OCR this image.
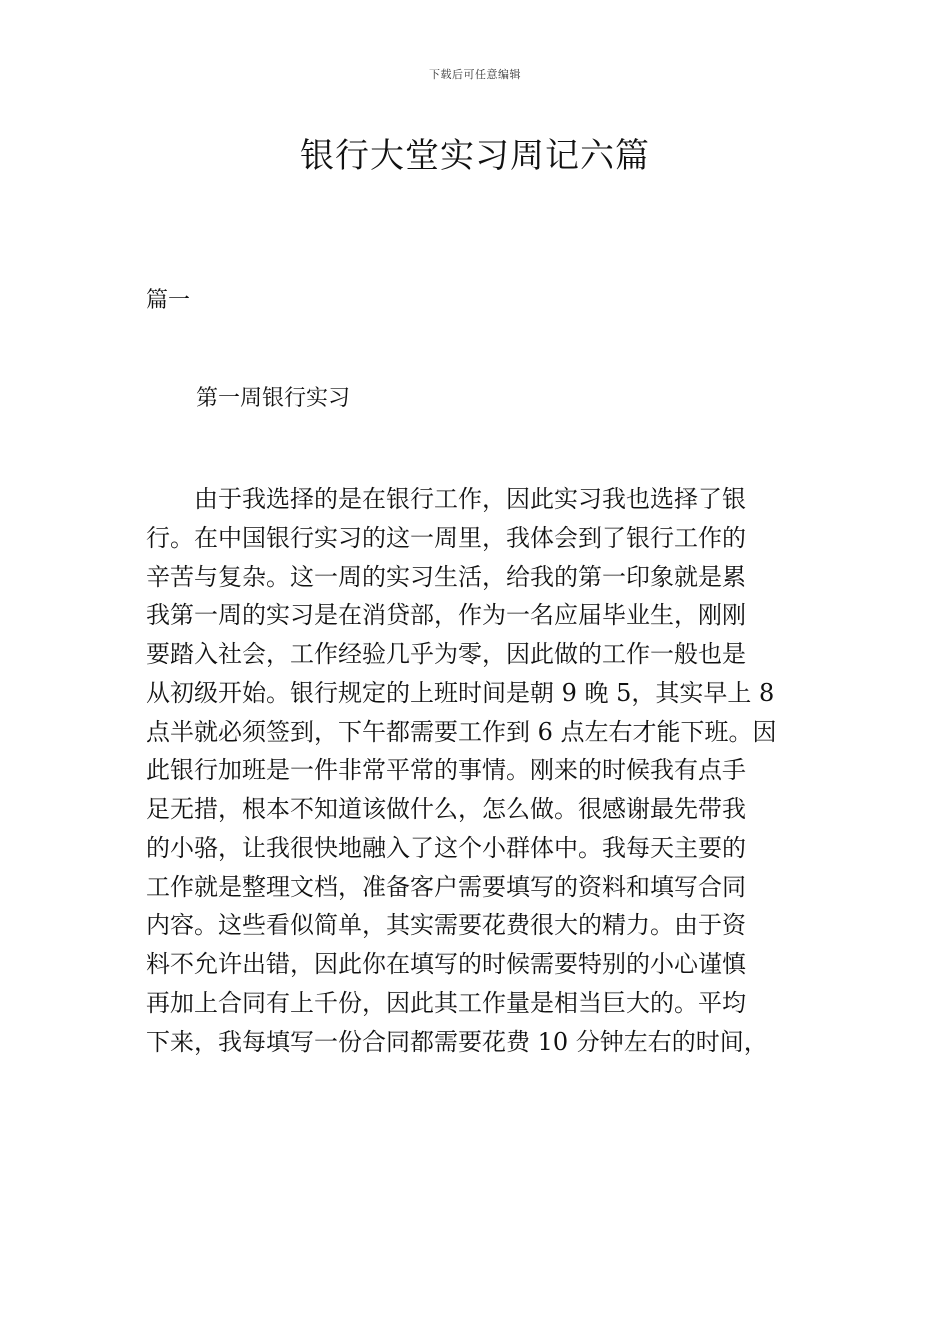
下载后可任意编辑
银行大堂实习周记六篇
篇一
第一周银行实习
　　由于我选择的是在银行工作，因此实习我也选择了银
行。在中国银行实习的这一周里，我体会到了银行工作的
辛苦与复杂。这一周的实习生活，给我的第一印象就是累
我第一周的实习是在消贷部，作为一名应届毕业生，刚刚
要踏入社会，工作经验几乎为零，因此做的工作一般也是
从初级开始。银行规定的上班时间是朝 9 晚 5，其实早上 8
点半就必须签到，下午都需要工作到 6 点左右才能下班。因
此银行加班是一件非常平常的事情。刚来的时候我有点手
足无措，根本不知道该做什么，怎么做。很感谢最先带我
的小骆，让我很快地融入了这个小群体中。我每天主要的
工作就是整理文档，准备客户需要填写的资料和填写合同
内容。这些看似简单，其实需要花费很大的精力。由于资
料不允许出错，因此你在填写的时候需要特别的小心谨慎
再加上合同有上千份，因此其工作量是相当巨大的。平均
下来，我每填写一份合同都需要花费 10 分钟左右的时间，
